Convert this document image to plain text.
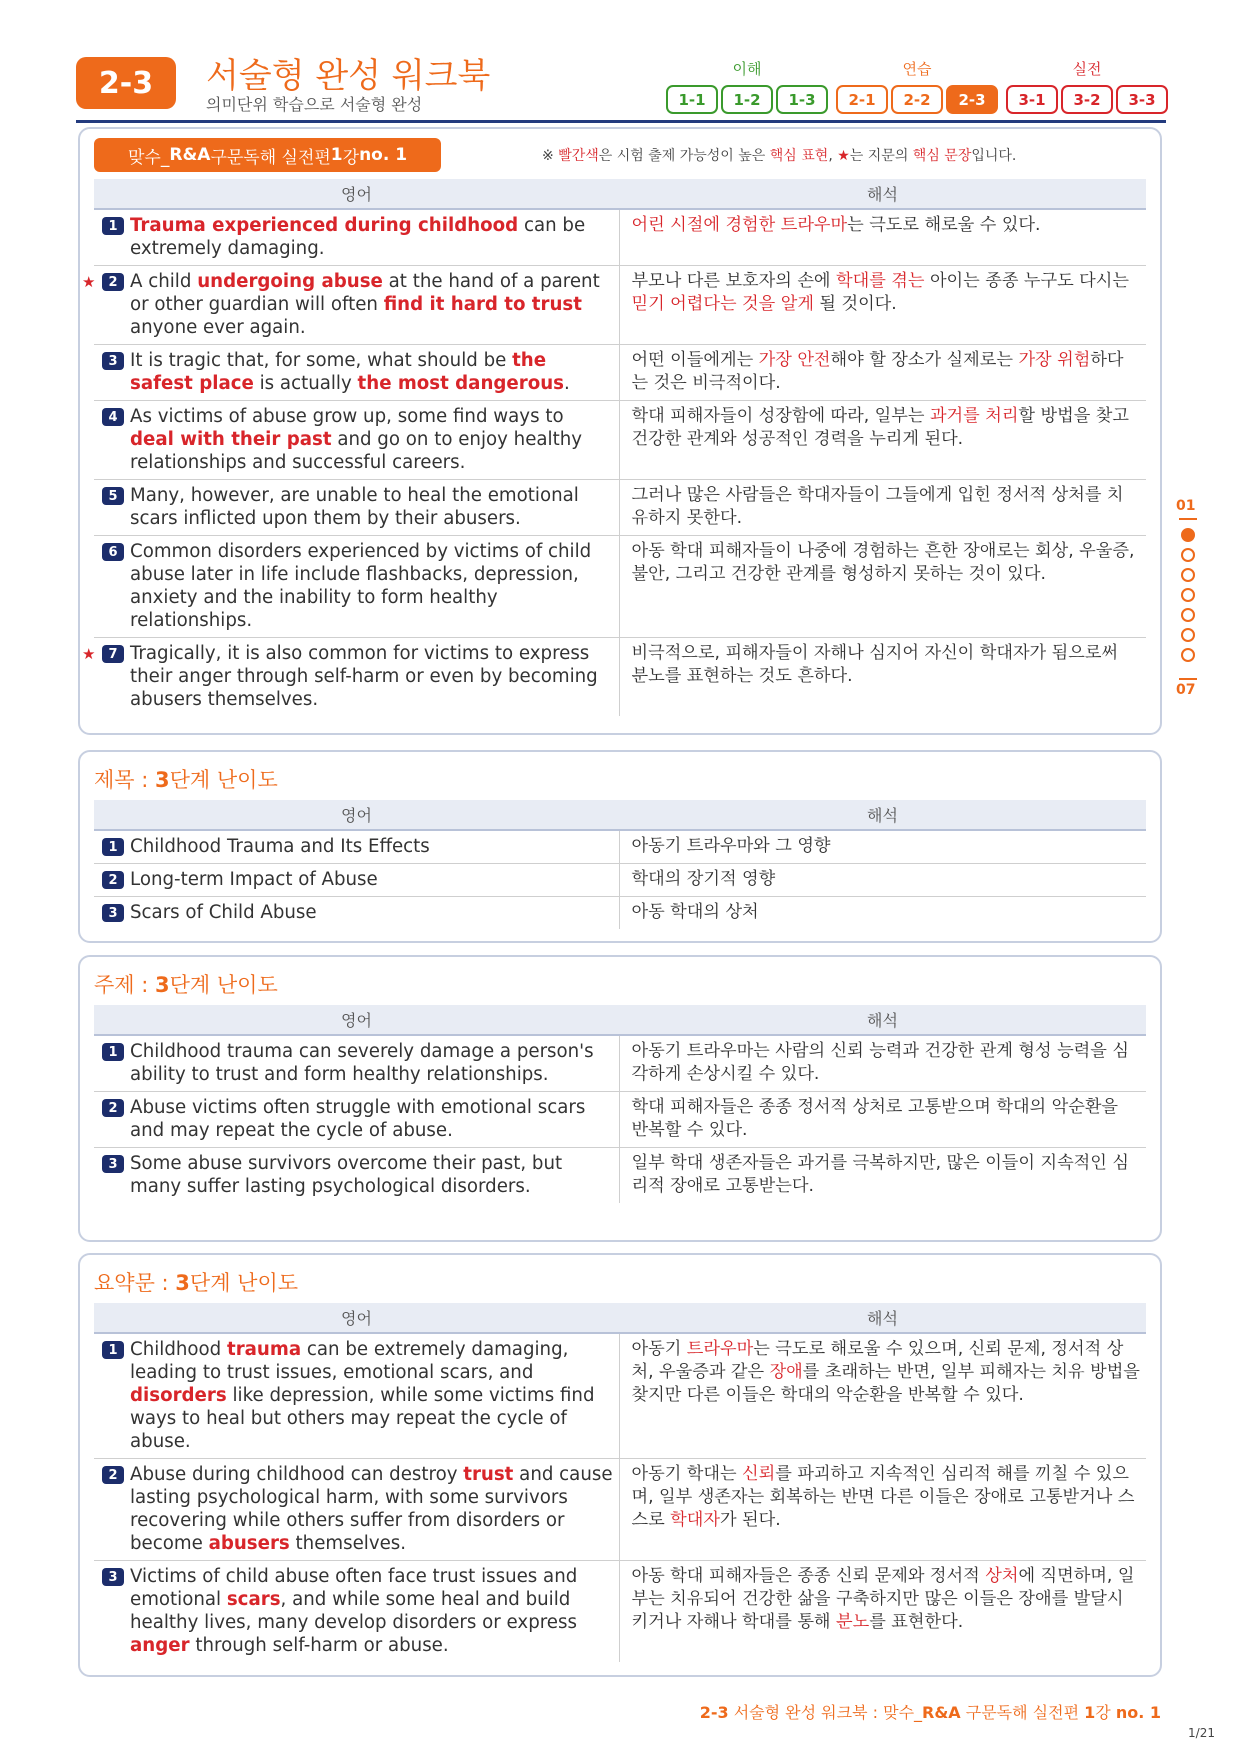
2-3	서술형 완성 워크북
의미단위 학습으로 서술형 완성
이해
1-1	1-2	1-3
연습
2-1	2-2	2-3
실전
3-1	3-2	3-3
맞수_ R&A 구문독해 실전편 1 강 no. 1	※ 빨간색은 시험 출제 가능성이 높은 핵심 표현, ★는 지문의 핵심 문장입니다.
영어	해석

1 Trauma experienced during childhood can be extremely damaging.	어린 시절에 경험한 트라우마는 극도로 해로울 수 있다.

★ 2 A child undergoing abuse at the hand of a parent or other guardian will often find it hard to trust anyone ever again.	부모나 다른 보호자의 손에 학대를 겪는 아이는 종종 누구도 다시는 믿기 어렵다는 것을 알게 될 것이다.

3 It is tragic that, for some, what should be the safest place is actually the most dangerous.	어떤 이들에게는 가장 안전해야 할 장소가 실제로는 가장 위험하다는 것은 비극적이다.

4 As victims of abuse grow up, some find ways to deal with their past and go on to enjoy healthy relationships and successful careers.	학대 피해자들이 성장함에 따라, 일부는 과거를 처리할 방법을 찾고 건강한 관계와 성공적인 경력을 누리게 된다.

5 Many, however, are unable to heal the emotional scars inflicted upon them by their abusers.	그러나 많은 사람들은 학대자들이 그들에게 입힌 정서적 상처를 치유하지 못한다.

6 Common disorders experienced by victims of child abuse later in life include flashbacks, depression, anxiety and the inability to form healthy relationships.	아동 학대 피해자들이 나중에 경험하는 흔한 장애로는 회상, 우울증, 불안, 그리고 건강한 관계를 형성하지 못하는 것이 있다.

★ 7 Tragically, it is also common for victims to express their anger through self-harm or even by becoming abusers themselves.	비극적으로, 피해자들이 자해나 심지어 자신이 학대자가 됨으로써 분노를 표현하는 것도 흔하다.
제목 : 3단계 난이도
영어	해석

1 Childhood Trauma and Its Effects	아동기 트라우마와 그 영향

2 Long-term Impact of Abuse	학대의 장기적 영향

3 Scars of Child Abuse	아동 학대의 상처
주제 : 3단계 난이도
영어	해석

1 Childhood trauma can severely damage a person's ability to trust and form healthy relationships.	아동기 트라우마는 사람의 신뢰 능력과 건강한 관계 형성 능력을 심각하게 손상시킬 수 있다.

2 Abuse victims often struggle with emotional scars and may repeat the cycle of abuse.	학대 피해자들은 종종 정서적 상처로 고통받으며 학대의 악순환을 반복할 수 있다.

3 Some abuse survivors overcome their past, but many suffer lasting psychological disorders.	일부 학대 생존자들은 과거를 극복하지만, 많은 이들이 지속적인 심리적 장애로 고통받는다.
요약문 : 3단계 난이도
영어	해석

1 Childhood trauma can be extremely damaging, leading to trust issues, emotional scars, and disorders like depression, while some victims find ways to heal but others may repeat the cycle of abuse.	아동기 트라우마는 극도로 해로울 수 있으며, 신뢰 문제, 정서적 상처, 우울증과 같은 장애를 초래하는 반면, 일부 피해자는 치유 방법을 찾지만 다른 이들은 학대의 악순환을 반복할 수 있다.

2 Abuse during childhood can destroy trust and cause lasting psychological harm, with some survivors recovering while others suffer from disorders or become abusers themselves.	아동기 학대는 신뢰를 파괴하고 지속적인 심리적 해를 끼칠 수 있으며, 일부 생존자는 회복하는 반면 다른 이들은 장애로 고통받거나 스스로 학대자가 된다.

3 Victims of child abuse often face trust issues and emotional scars, and while some heal and build healthy lives, many develop disorders or express anger through self-harm or abuse.	아동 학대 피해자들은 종종 신뢰 문제와 정서적 상처에 직면하며, 일부는 치유되어 건강한 삶을 구축하지만 많은 이들은 장애를 발달시키거나 자해나 학대를 통해 분노를 표현한다.
01
07
2-3 서술형 완성 워크북 : 맞수_R&A 구문독해 실전편 1강 no. 1
1/21
